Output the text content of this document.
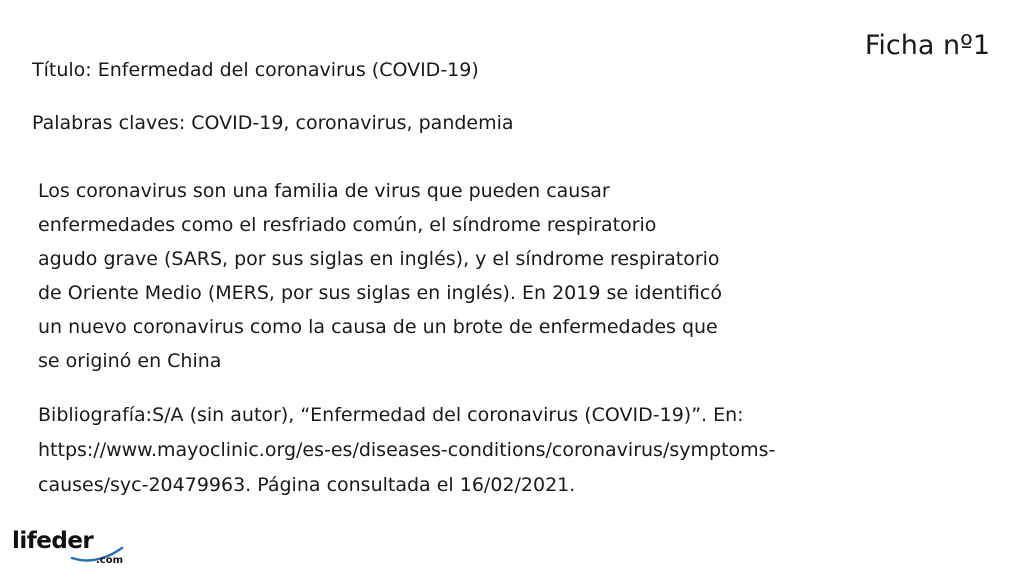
Ficha nº1
Título: Enfermedad del coronavirus (COVID-19)
Palabras claves: COVID-19, coronavirus, pandemia
Los coronavirus son una familia de virus que pueden causar
enfermedades como el resfriado común, el síndrome respiratorio
agudo grave (SARS, por sus siglas en inglés), y el síndrome respiratorio
de Oriente Medio (MERS, por sus siglas en inglés). En 2019 se identificó
un nuevo coronavirus como la causa de un brote de enfermedades que
se originó en China
Bibliografía:S/A (sin autor), “Enfermedad del coronavirus (COVID-19)”. En:
https://www.mayoclinic.org/es-es/diseases-conditions/coronavirus/symptoms-
causes/syc-20479963. Página consultada el 16/02/2021.
lifeder
.com
